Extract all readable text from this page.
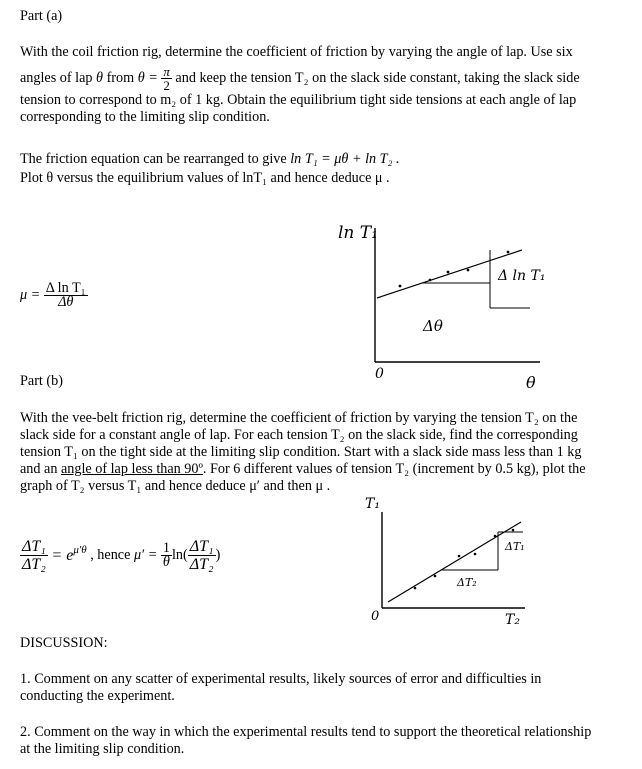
Part (a)
With the coil friction rig, determine the coefficient of friction by varying the angle of lap. Use six
angles of lap θ from $\theta = \frac{\pi}{2}$ and keep the tension T₂ on the slack side constant, taking the slack side
tension to correspond to m₂ of 1 kg. Obtain the equilibrium tight side tensions at each angle of lap
corresponding to the limiting slip condition.
The friction equation can be rearranged to give ln T₁ = μθ + ln T₂ .
Plot θ versus the equilibrium values of lnT₁ and hence deduce μ .
$\mu = \frac{\text{Δ ln T₁}}{\Delta\theta}$
ln T₁
Δθ
Δ ln T₁
0	θ
Part (b)
With the vee-belt friction rig, determine the coefficient of friction by varying the tension T₂ on the
slack side for a constant angle of lap. For each tension T₂ on the slack side, find the corresponding
tension T₁ on the tight side at the limiting slip condition. Start with a slack side mass less than 1 kg
and an angle of lap less than 90º. For 6 different values of tension T₂ (increment by 0.5 kg), plot the
graph of T₂ versus T₁ and hence deduce μ′ and then μ .
$\frac{\text{ΔT₁}}{\text{ΔT₂}} = e^{\mu'\theta}$ , hence $\mu' = \frac{1}{\theta} \ln( \frac{\text{ΔT₁}}{\text{ΔT₂}}$ )
T₁
ΔT₂
ΔT₁
0	T₂
DISCUSSION:
1. Comment on any scatter of experimental results, likely sources of error and difficulties in
conducting the experiment.
2. Comment on the way in which the experimental results tend to support the theoretical relationship
at the limiting slip condition.
